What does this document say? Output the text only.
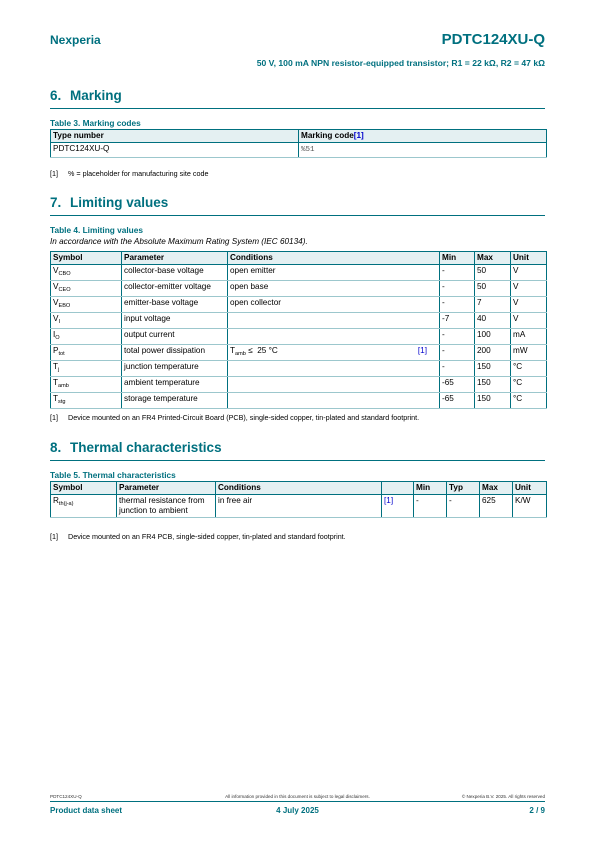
Nexperia	PDTC124XU-Q
50 V, 100 mA NPN resistor-equipped transistor; R1 = 22 kΩ, R2 = 47 kΩ
6. Marking
Table 3. Marking codes
Type number	Marking code[1]
PDTC124XU-Q	%51
[1] % = placeholder for manufacturing site code
7. Limiting values
Table 4. Limiting values
In accordance with the Absolute Maximum Rating System (IEC 60134).
Symbol	Parameter	Conditions	Min	Max	Unit
$V_{CBO}$	collector-base voltage	open emitter	-	50	V
$V_{CEO}$	collector-emitter voltage	open base	-	50	V
$V_{EBO}$	emitter-base voltage	open collector	-	7	V
$V_I$	input voltage		-7	40	V
$I_O$	output current		-	100	mA
$P_{tot}$	total power dissipation	$T_{amb} \le 25$ °C [1]	-	200	mW
$T_j$	junction temperature		-	150	°C
$T_{amb}$	ambient temperature		-65	150	°C
$T_{stg}$	storage temperature		-65	150	°C
[1] Device mounted on an FR4 Printed-Circuit Board (PCB), single-sided copper, tin-plated and standard footprint.
8. Thermal characteristics
Table 5. Thermal characteristics
Symbol	Parameter	Conditions		Min	Typ	Max	Unit
$R_{th(j-a)}$	thermal resistance from junction to ambient	in free air	[1]	-	-	625	K/W
[1] Device mounted on an FR4 PCB, single-sided copper, tin-plated and standard footprint.
PDTC124XU-Q	All information provided in this document is subject to legal disclaimers.	© Nexperia B.V. 2025. All rights reserved
Product data sheet	4 July 2025	2 / 9
